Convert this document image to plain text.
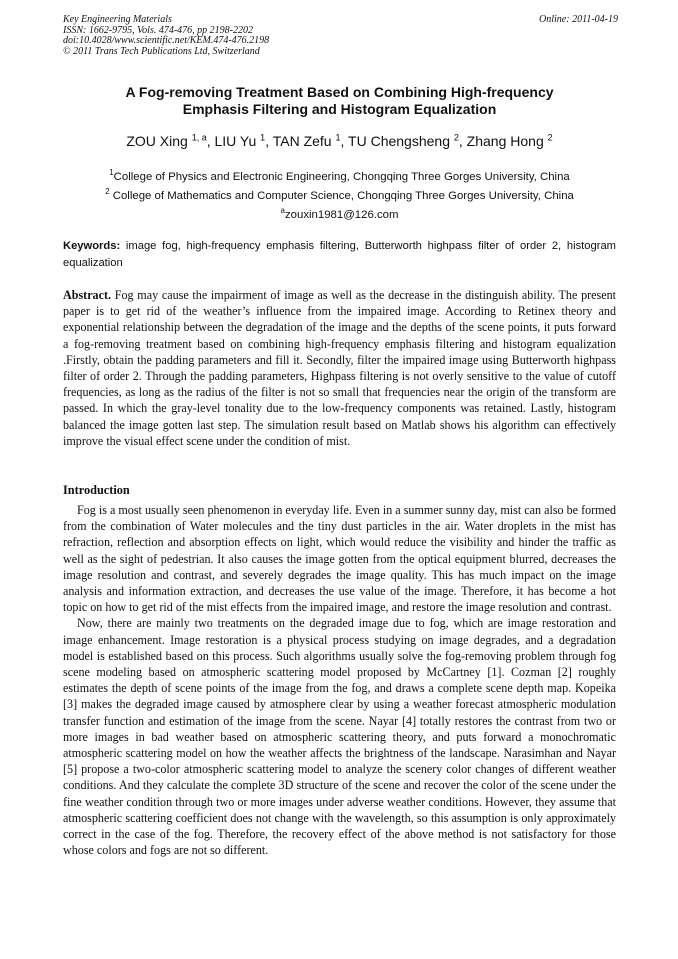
Key Engineering Materials
ISSN: 1662-9795, Vols. 474-476, pp 2198-2202
doi:10.4028/www.scientific.net/KEM.474-476.2198
© 2011 Trans Tech Publications Ltd, Switzerland
Online: 2011-04-19
A Fog-removing Treatment Based on Combining High-frequency
Emphasis Filtering and Histogram Equalization
ZOU Xing $^{1, a}$, LIU Yu $^1$, TAN Zefu $^1$, TU Chengsheng $^2$, Zhang Hong $^2$
$^1$College of Physics and Electronic Engineering, Chongqing Three Gorges University, China
$^2$ College of Mathematics and Computer Science, Chongqing Three Gorges University, China
$^a$zouxin1981@126.com
Keywords: image fog, high-frequency emphasis filtering, Butterworth highpass filter of order 2, histogram equalization
Abstract. Fog may cause the impairment of image as well as the decrease in the distinguish ability. The present paper is to get rid of the weather’s influence from the impaired image. According to Retinex theory and exponential relationship between the degradation of the image and the depths of the scene points, it puts forward a fog-removing treatment based on combining high-frequency emphasis filtering and histogram equalization .Firstly, obtain the padding parameters and fill it. Secondly, filter the impaired image using Butterworth highpass filter of order 2. Through the padding parameters, Highpass filtering is not overly sensitive to the value of cutoff frequencies, as long as the radius of the filter is not so small that frequencies near the origin of the transform are passed. In which the gray-level tonality due to the low-frequency components was retained. Lastly, histogram balanced the image gotten last step. The simulation result based on Matlab shows his algorithm can effectively improve the visual effect scene under the condition of mist.
Introduction

Fog is a most usually seen phenomenon in everyday life. Even in a summer sunny day, mist can also be formed from the combination of Water molecules and the tiny dust particles in the air. Water droplets in the mist has refraction, reflection and absorption effects on light, which would reduce the visibility and hinder the traffic as well as the sight of pedestrian. It also causes the image gotten from the optical equipment blurred, decreases the image resolution and contrast, and severely degrades the image quality. This has much impact on the image analysis and information extraction, and decreases the use value of the image. Therefore, it has become a hot topic on how to get rid of the mist effects from the impaired image, and restore the image resolution and contrast.

Now, there are mainly two treatments on the degraded image due to fog, which are image restoration and image enhancement. Image restoration is a physical process studying on image degrades, and a degradation model is established based on this process. Such algorithms usually solve the fog-removing problem through fog scene modeling based on atmospheric scattering model proposed by McCartney [1]. Cozman [2] roughly estimates the depth of scene points of the image from the fog, and draws a complete scene depth map. Kopeika [3] makes the degraded image caused by atmosphere clear by using a weather forecast atmospheric modulation transfer function and estimation of the image from the scene. Nayar [4] totally restores the contrast from two or more images in bad weather based on atmospheric scattering theory, and puts forward a monochromatic atmospheric scattering model on how the weather affects the brightness of the landscape. Narasimhan and Nayar [5] propose a two-color atmospheric scattering model to analyze the scenery color changes of different weather conditions. And they calculate the complete 3D structure of the scene and recover the color of the scene under the fine weather condition through two or more images under adverse weather conditions. However, they assume that atmospheric scattering coefficient does not change with the wavelength, so this assumption is only approximately correct in the case of the fog. Therefore, the recovery effect of the above method is not satisfactory for those whose colors and fogs are not so different.
